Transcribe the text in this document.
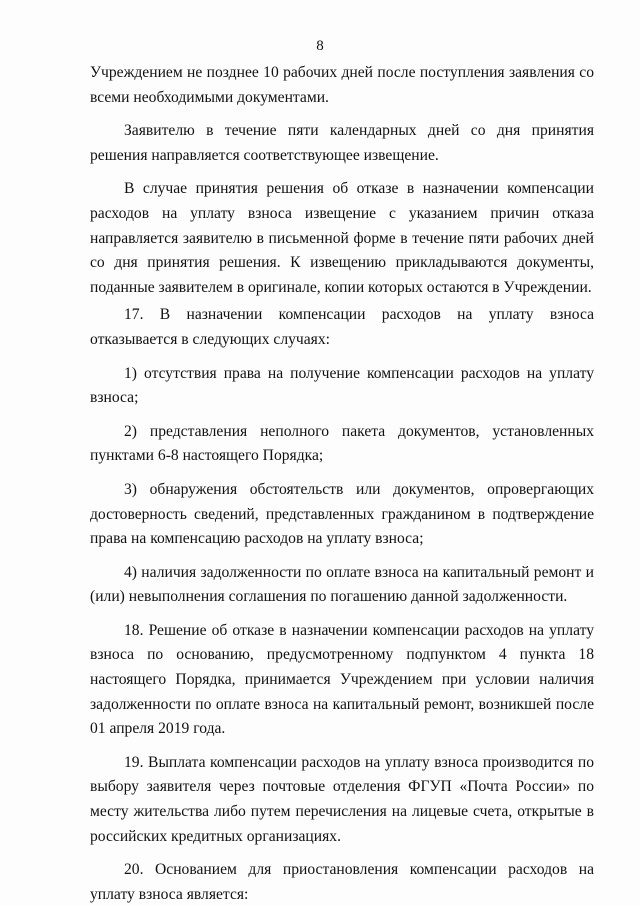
8

Учреждением не позднее 10 рабочих дней после поступления заявления со всеми необходимыми документами.

Заявителю в течение пяти календарных дней со дня принятия решения направляется соответствующее извещение.

В случае принятия решения об отказе в назначении компенсации расходов на уплату взноса извещение с указанием причин отказа направляется заявителю в письменной форме в течение пяти рабочих дней со дня принятия решения. К извещению прикладываются документы, поданные заявителем в оригинале, копии которых остаются в Учреждении.

17. В назначении компенсации расходов на уплату взноса отказывается в следующих случаях:

1) отсутствия права на получение компенсации расходов на уплату взноса;

2) представления неполного пакета документов, установленных пунктами 6-8 настоящего Порядка;

3) обнаружения обстоятельств или документов, опровергающих достоверность сведений, представленных гражданином в подтверждение права на компенсацию расходов на уплату взноса;

4) наличия задолженности по оплате взноса на капитальный ремонт и (или) невыполнения соглашения по погашению данной задолженности.

18. Решение об отказе в назначении компенсации расходов на уплату взноса по основанию, предусмотренному подпунктом 4 пункта 18 настоящего Порядка, принимается Учреждением при условии наличия задолженности по оплате взноса на капитальный ремонт, возникшей после 01 апреля 2019 года.

19. Выплата компенсации расходов на уплату взноса производится по выбору заявителя через почтовые отделения ФГУП «Почта России» по месту жительства либо путем перечисления на лицевые счета, открытые в российских кредитных организациях.

20. Основанием для приостановления компенсации расходов на уплату взноса является:
